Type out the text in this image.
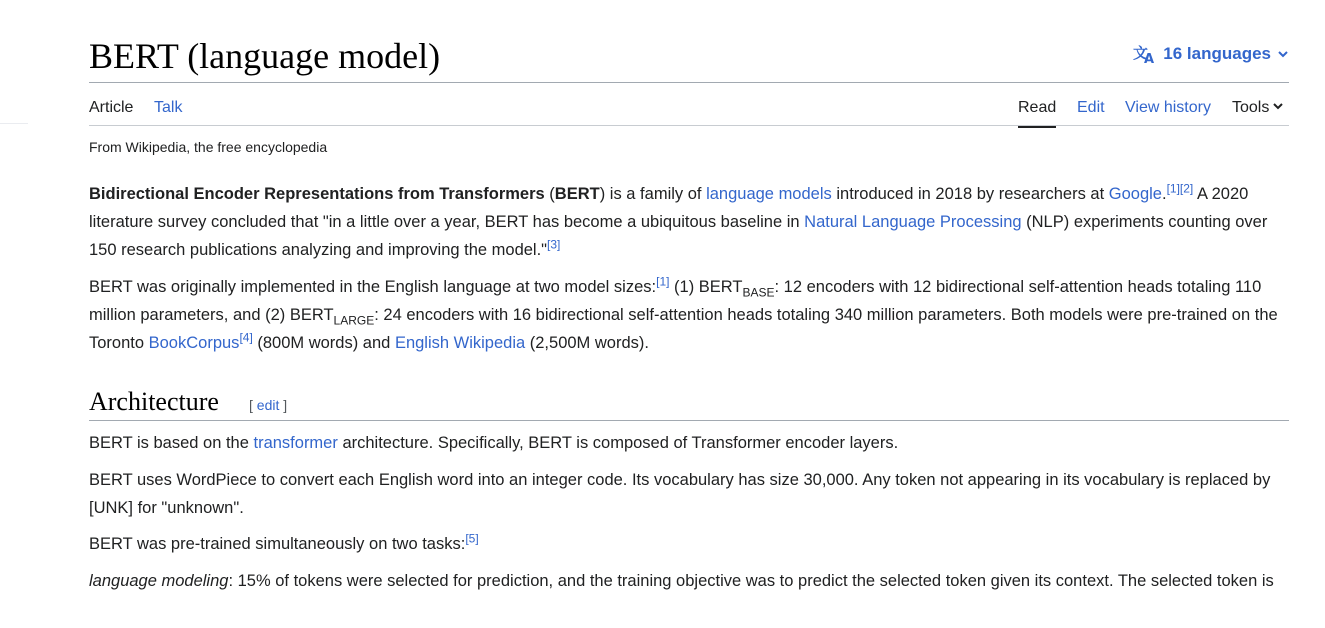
BERT (language model)	文
A 16 languages
Article Talk	Read Edit View history Tools
From Wikipedia, the free encyclopedia

Bidirectional Encoder Representations from Transformers (BERT) is a family of language models introduced in 2018 by researchers at Google.[1][2] A 2020 literature survey concluded that "in a little over a year, BERT has become a ubiquitous baseline in Natural Language Processing (NLP) experiments counting over 150 research publications analyzing and improving the model."[3]

BERT was originally implemented in the English language at two model sizes:[1] (1) $BERT_{BASE}$: 12 encoders with 12 bidirectional self-attention heads totaling 110 million parameters, and (2) $BERT_{LARGE}$: 24 encoders with 16 bidirectional self-attention heads totaling 340 million parameters. Both models were pre-trained on the Toronto BookCorpus[4] (800M words) and English Wikipedia (2,500M words).

Architecture [ edit ]

BERT is based on the transformer architecture. Specifically, BERT is composed of Transformer encoder layers.

BERT uses WordPiece to convert each English word into an integer code. Its vocabulary has size 30,000. Any token not appearing in its vocabulary is replaced by [UNK] for "unknown".

BERT was pre-trained simultaneously on two tasks:[5]

language modeling: 15% of tokens were selected for prediction, and the training objective was to predict the selected token given its context. The selected token is
